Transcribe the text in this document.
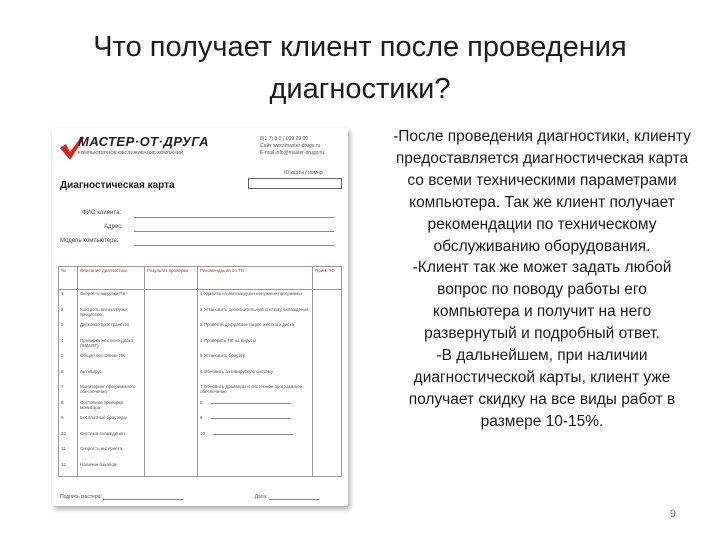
Что получает клиент после проведения
диагностики?
МАСТЕР·ОТ·ДРУГА
КОМПЬЮТЕРНОЕ ОБСЛУЖИВАНИЕ КОМПАНИЙ
8(1 7) 8 0 ) 099 29 00
Сайт www.master-drugs.ru
E-mail info@master-drugs.ru
ID карты / номер
Диагностическая карта
ФИО клиента:
Адрес:
Модель компьютера:
№	Описание диагностики	Результат проверки	Рекомендации по ТО	Прим. ТО
1	Скорость загрузки ПК		1 Удалить из автозагрузки ненужные программы	
2	Контроль автозагрузки процессов		2 Установить дополнительную систему охлаждения	
3	Дисковое пространство		3 Провести дефрагментацию жёсткого диска	
4	Проверка жёсткого диска (SMART)		4 Проверить ПК на вирусы	
5	Общее состояние ПК		5 Установить браузер	
6	Антивирус		6 Обновить антивирусную систему	
7	Мониторинг программного обеспечения		7 Обновить драйверы и системное программное обеспечение	
8	Состояние проверки монитора		8	
9	Бесплатные браузеры		9	
10	Система охлаждения		10	
11	Скорость интернета			
12	Наличие бэкапов			
Подпись мастера:	Дата:

-После проведения диагностики, клиенту предоставляется диагностическая карта со всеми техническими параметрами компьютера. Так же клиент получает рекомендации по техническому обслуживанию оборудования.

-Клиент так же может задать любой вопрос по поводу работы его компьютера и получит на него развернутый и подробный ответ.

-В дальнейшем, при наличии диагностической карты, клиент уже получает скидку на все виды работ в размере 10-15%.

9
